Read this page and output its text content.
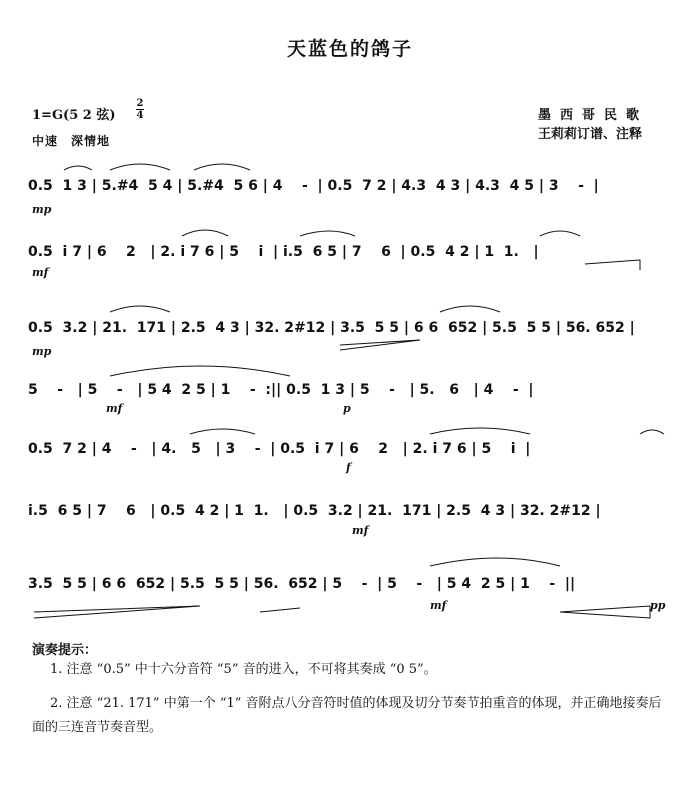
天蓝色的鸽子
1=G(5 2 弦)
2
4
中速　深情地
墨西哥民歌
王莉莉订谱、注释
0.5  1 3 | 5.#4  5 4 | 5.#4  5 6 | 4    -  | 0.5  7 2 | 4.3  4 3 | 4.3  4 5 | 3    -  |
mp
0.5  i 7 | 6    2   | 2. i 7 6 | 5    i  | i.5  6 5 | 7    6  | 0.5  4 2 | 1  1.   |
mf
0.5  3.2 | 21.  171 | 2.5  4 3 | 32. 2#12 | 3.5  5 5 | 6 6  652 | 5.5  5 5 | 56. 652 |
mp
5    -   | 5    -   | 5 4  2 5 | 1    -  :|| 0.5  1 3 | 5    -   | 5.   6   | 4    -  |
mf	p
0.5  7 2 | 4    -   | 4.   5   | 3    -  | 0.5  i 7 | 6    2   | 2. i 7 6 | 5    i  |
f
i.5  6 5 | 7    6   | 0.5  4 2 | 1  1.   | 0.5  3.2 | 21.  171 | 2.5  4 3 | 32. 2#12 |
mf
3.5  5 5 | 6 6  652 | 5.5  5 5 | 56.  652 | 5    -  | 5    -   | 5 4  2 5 | 1    -  ||
mf	pp
演奏提示：
1. 注意 “0.5” 中十六分音符 “5” 音的进入，不可将其奏成 “0 5”。
2. 注意 “21. 171” 中第一个 “1” 音附点八分音符时值的体现及切分节奏节拍重音的体现，并正确地接奏后面的三连音节奏音型。
